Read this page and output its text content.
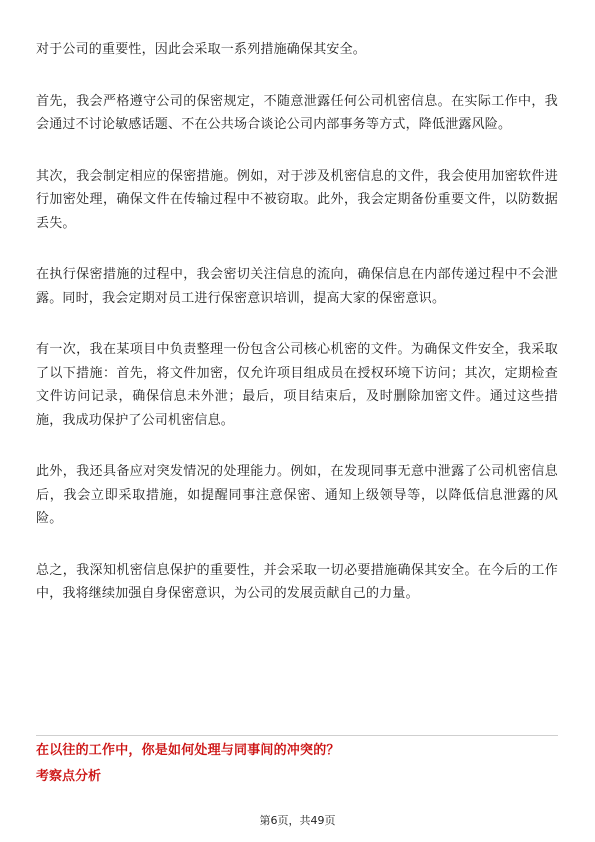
对于公司的重要性，因此会采取一系列措施确保其安全。

首先，我会严格遵守公司的保密规定，不随意泄露任何公司机密信息。在实际工作中，我会通过不讨论敏感话题、不在公共场合谈论公司内部事务等方式，降低泄露风险。

其次，我会制定相应的保密措施。例如，对于涉及机密信息的文件，我会使用加密软件进行加密处理，确保文件在传输过程中不被窃取。此外，我会定期备份重要文件，以防数据丢失。

在执行保密措施的过程中，我会密切关注信息的流向，确保信息在内部传递过程中不会泄露。同时，我会定期对员工进行保密意识培训，提高大家的保密意识。

有一次，我在某项目中负责整理一份包含公司核心机密的文件。为确保文件安全，我采取了以下措施：首先，将文件加密，仅允许项目组成员在授权环境下访问；其次，定期检查文件访问记录，确保信息未外泄；最后，项目结束后，及时删除加密文件。通过这些措施，我成功保护了公司机密信息。

此外，我还具备应对突发情况的处理能力。例如，在发现同事无意中泄露了公司机密信息后，我会立即采取措施，如提醒同事注意保密、通知上级领导等，以降低信息泄露的风险。

总之，我深知机密信息保护的重要性，并会采取一切必要措施确保其安全。在今后的工作中，我将继续加强自身保密意识，为公司的发展贡献自己的力量。

在以往的工作中，你是如何处理与同事间的冲突的？
考察点分析
第6页，共49页
